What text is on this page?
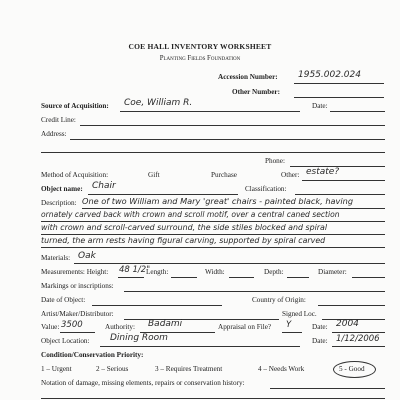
COE HALL INVENTORY WORKSHEET
Planting Fields Foundation
Accession Number: 1955.002.024
Other Number:
Source of Acquisition: Coe, William R.	Date:
Credit Line:
Address:
Phone:
Method of Acquisition:	Gift	Purchase	Other: estate?
Object name: Chair	Classification:
Description: One of two William and Mary 'great' chairs - painted black, having
ornately carved back with crown and scroll motif, over a central caned section
with crown and scroll-carved surround, the side stiles blocked and spiral
turned, the arm rests having figural carving, supported by spiral carved
Materials: Oak
Measurements: Height: 48 1/2"
Length:	Width:	Depth:	Diameter:
Markings or inscriptions:
Date of Object:	Country of Origin:
Artist/Maker/Distributor:	Signed Loc.
Value: 3500	Authority: Badami	Appraisal on File? Y	Date: 2004
Object Location: Dining Room	Date: 1/12/2006
Condition/Conservation Priority:
1 – Urgent	2 – Serious	3 – Requires Treatment	4 – Needs Work	5 - Good
Notation of damage, missing elements, repairs or conservation history:
